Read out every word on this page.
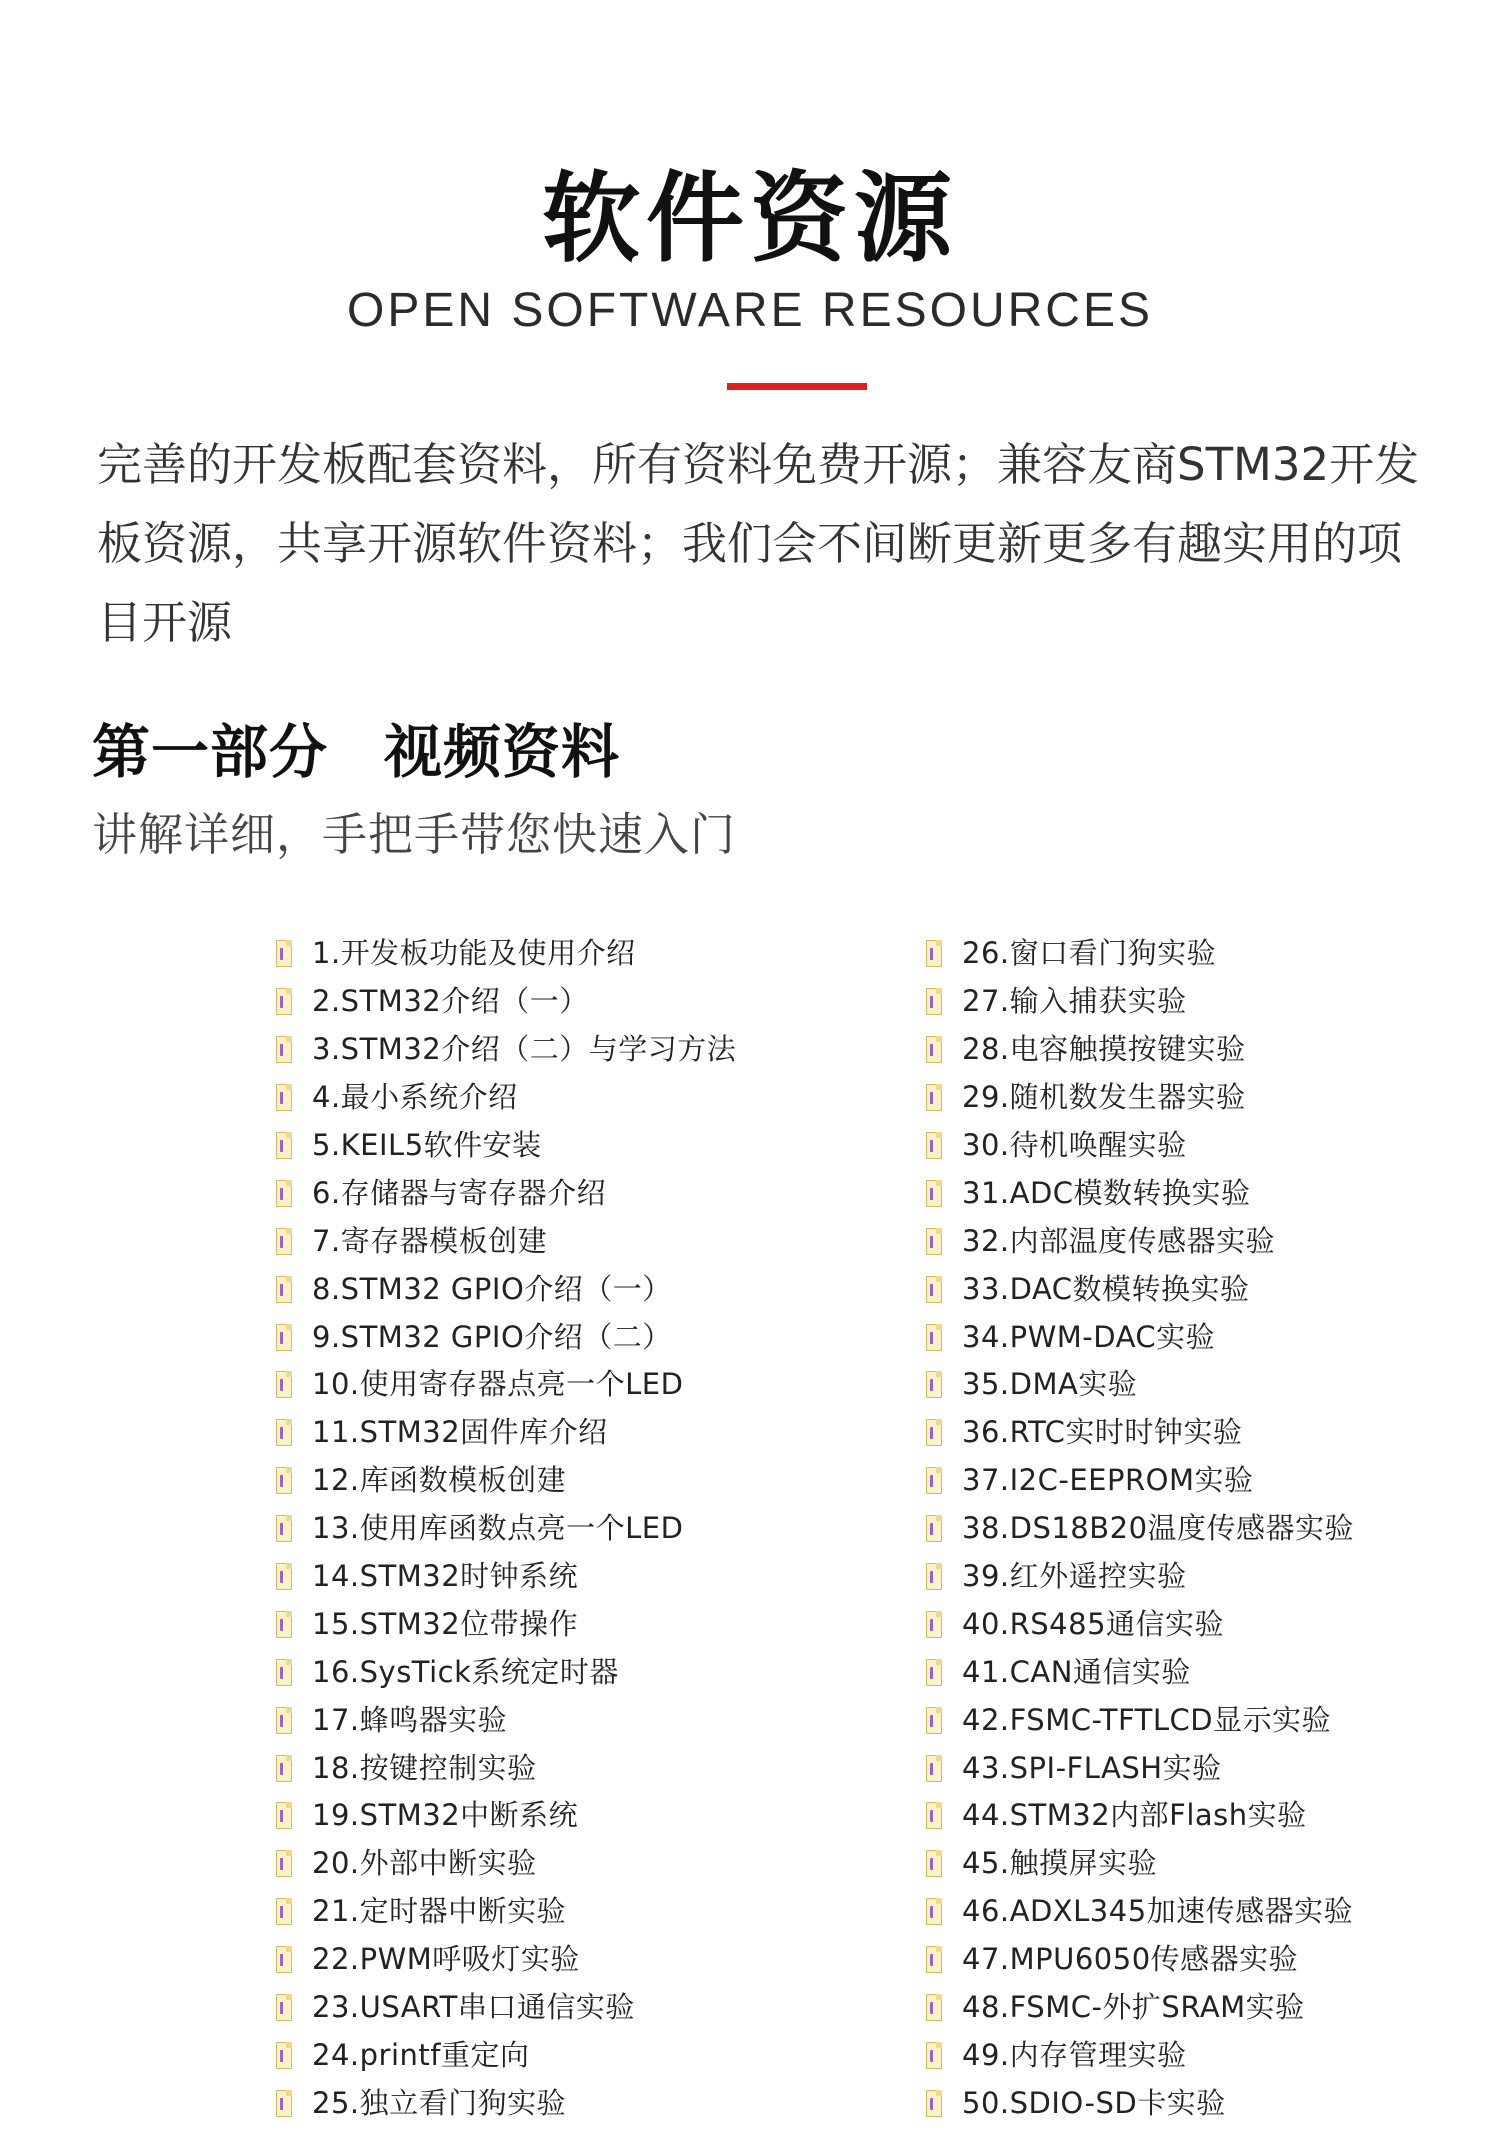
软件资源
OPEN SOFTWARE RESOURCES
完善的开发板配套资料，所有资料免费开源；兼容友商STM32开发
板资源，共享开源软件资料；我们会不间断更新更多有趣实用的项
目开源
第一部分 视频资料
讲解详细，手把手带您快速入门
1.开发板功能及使用介绍
2.STM32介绍（一）
3.STM32介绍（二）与学习方法
4.最小系统介绍
5.KEIL5软件安装
6.存储器与寄存器介绍
7.寄存器模板创建
8.STM32 GPIO介绍（一）
9.STM32 GPIO介绍（二）
10.使用寄存器点亮一个LED
11.STM32固件库介绍
12.库函数模板创建
13.使用库函数点亮一个LED
14.STM32时钟系统
15.STM32位带操作
16.SysTick系统定时器
17.蜂鸣器实验
18.按键控制实验
19.STM32中断系统
20.外部中断实验
21.定时器中断实验
22.PWM呼吸灯实验
23.USART串口通信实验
24.printf重定向
25.独立看门狗实验
26.窗口看门狗实验
27.输入捕获实验
28.电容触摸按键实验
29.随机数发生器实验
30.待机唤醒实验
31.ADC模数转换实验
32.内部温度传感器实验
33.DAC数模转换实验
34.PWM-DAC实验
35.DMA实验
36.RTC实时时钟实验
37.I2C-EEPROM实验
38.DS18B20温度传感器实验
39.红外遥控实验
40.RS485通信实验
41.CAN通信实验
42.FSMC-TFTLCD显示实验
43.SPI-FLASH实验
44.STM32内部Flash实验
45.触摸屏实验
46.ADXL345加速传感器实验
47.MPU6050传感器实验
48.FSMC-外扩SRAM实验
49.内存管理实验
50.SDIO-SD卡实验
